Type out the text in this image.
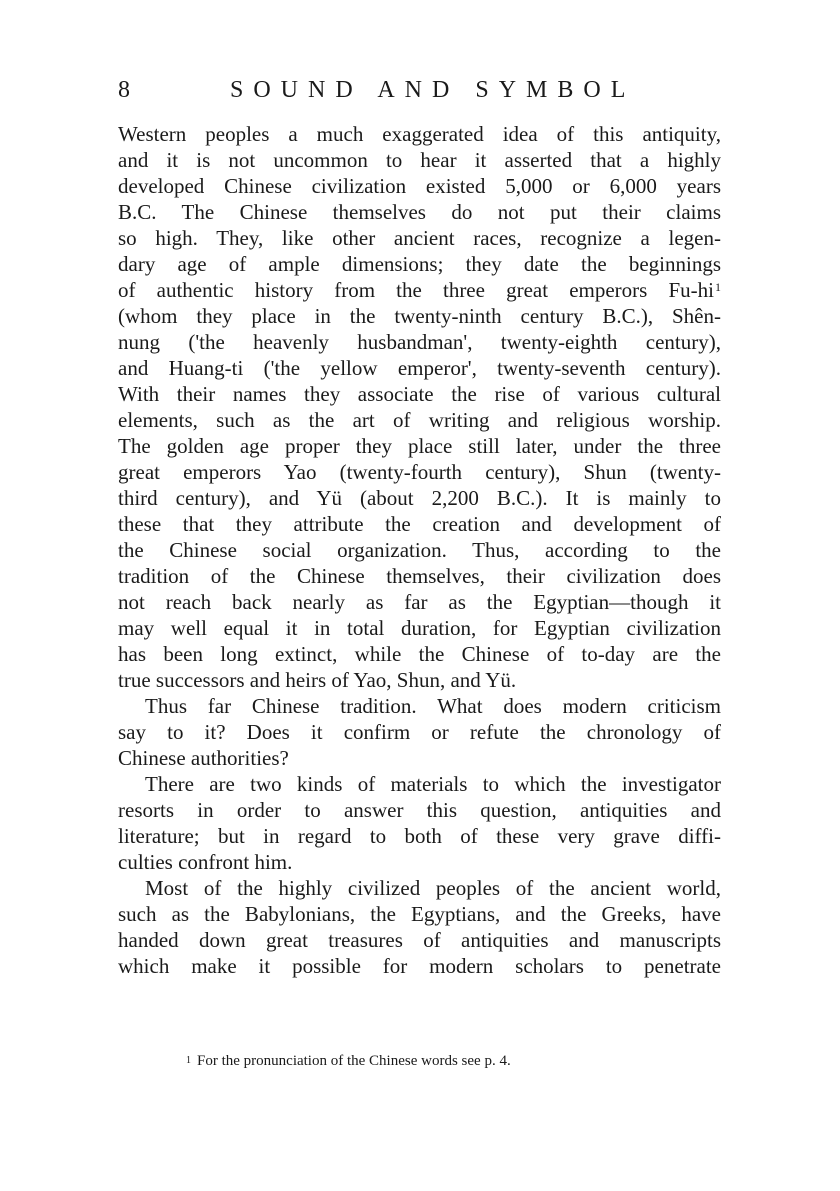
8	SOUND AND SYMBOL
Western peoples a much exaggerated idea of this antiquity,
and it is not uncommon to hear it asserted that a highly
developed Chinese civilization existed 5,000 or 6,000 years
B.C. The Chinese themselves do not put their claims
so high. They, like other ancient races, recognize a legen-
dary age of ample dimensions; they date the beginnings
of authentic history from the three great emperors $Fu-hi^1$
(whom they place in the twenty-ninth century B.C.), Shên-
nung ('the heavenly husbandman', twenty-eighth century),
and Huang-ti ('the yellow emperor', twenty-seventh century).
With their names they associate the rise of various cultural
elements, such as the art of writing and religious worship.
The golden age proper they place still later, under the three
great emperors Yao (twenty-fourth century), Shun (twenty-
third century), and Yü (about 2,200 B.C.). It is mainly to
these that they attribute the creation and development of
the Chinese social organization. Thus, according to the
tradition of the Chinese themselves, their civilization does
not reach back nearly as far as the Egyptian—though it
may well equal it in total duration, for Egyptian civilization
has been long extinct, while the Chinese of to-day are the
true successors and heirs of Yao, Shun, and Yü.
Thus far Chinese tradition. What does modern criticism
say to it? Does it confirm or refute the chronology of
Chinese authorities?
There are two kinds of materials to which the investigator
resorts in order to answer this question, antiquities and
literature; but in regard to both of these very grave diffi-
culties confront him.
Most of the highly civilized peoples of the ancient world,
such as the Babylonians, the Egyptians, and the Greeks, have
handed down great treasures of antiquities and manuscripts
which make it possible for modern scholars to penetrate
$^1$ For the pronunciation of the Chinese words see p. 4.
